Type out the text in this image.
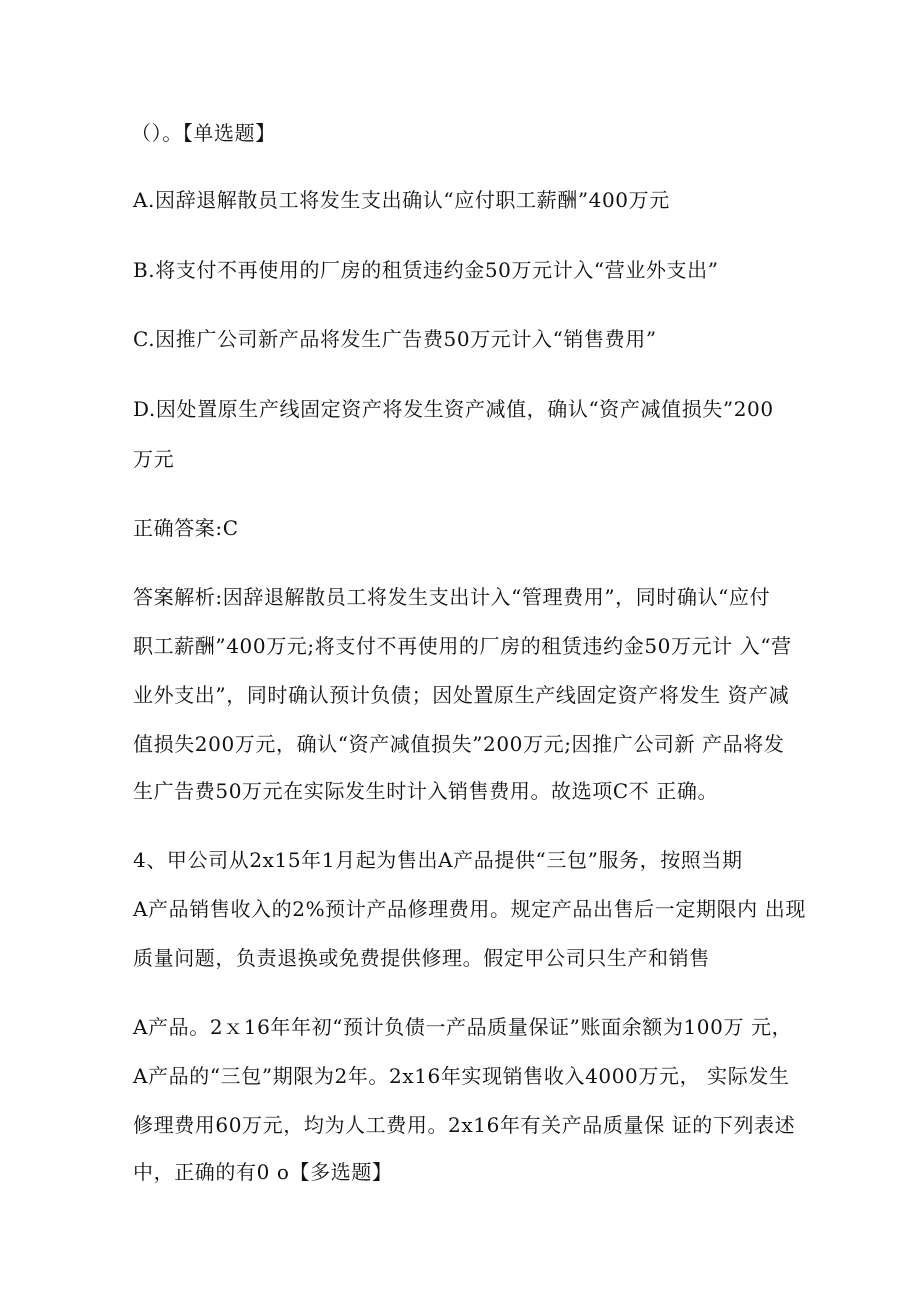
（）。【单选题】
A.因辞退解散员工将发生支出确认“应付职工薪酬”400万元
B.将支付不再使用的厂房的租赁违约金50万元计入“营业外支出”
C.因推广公司新产品将发生广告费50万元计入“销售费用”
D.因处置原生产线固定资产将发生资产减值，确认“资产减值损失”200
万元
正确答案:C
答案解析:因辞退解散员工将发生支出计入“管理费用”，同时确认“应付
职工薪酬”400万元;将支付不再使用的厂房的租赁违约金50万元计 入“营
业外支出”，同时确认预计负债；因处置原生产线固定资产将发生 资产减
值损失200万元，确认“资产减值损失”200万元;因推广公司新 产品将发
生广告费50万元在实际发生时计入销售费用。故选项C不 正确。
4、甲公司从2x15年1月起为售出A产品提供“三包”服务，按照当期
A产品销售收入的2%预计产品修理费用。规定产品出售后一定期限内 出现
质量问题，负责退换或免费提供修理。假定甲公司只生产和销售
A产品。2ｘ16年年初“预计负债一产品质量保证”账面余额为100万 元，
A产品的“三包”期限为2年。2x16年实现销售收入4000万元， 实际发生
修理费用60万元，均为人工费用。2x16年有关产品质量保 证的下列表述
中，正确的有0 o【多选题】
